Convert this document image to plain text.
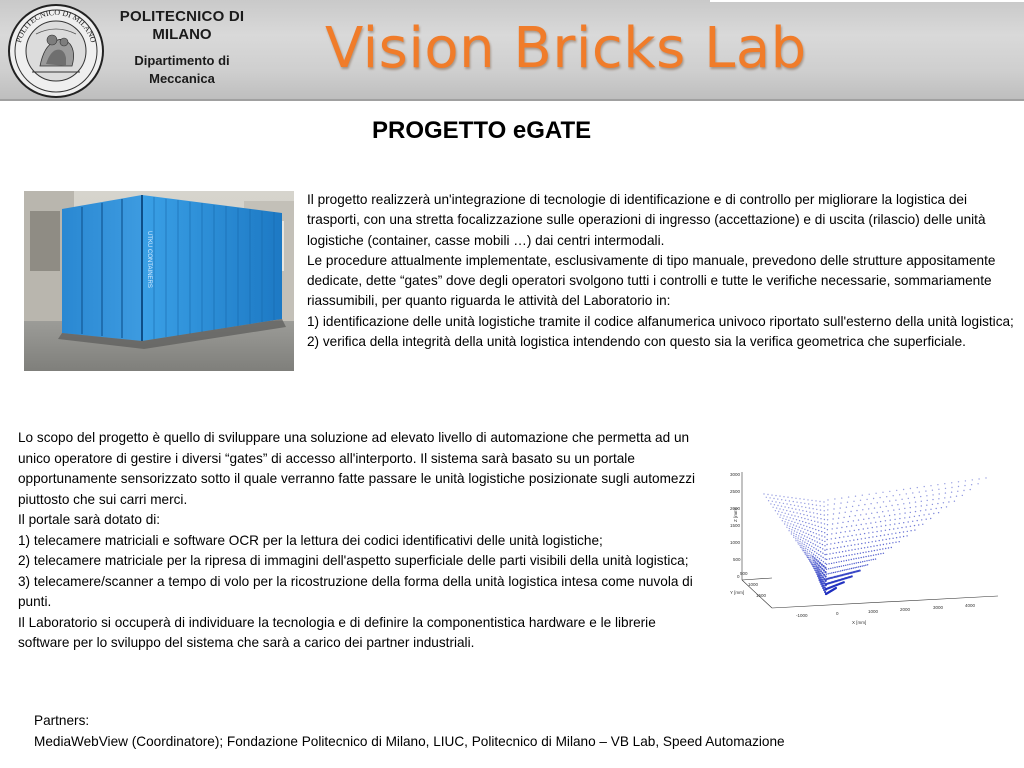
POLITECNICO DI MILANO
POLITECNICO DI
MILANO
Dipartimento di
Meccanica	Vision Bricks Lab
PROGETTO eGATE
UTKU CONTAINERS

Il progetto realizzerà un'integrazione di tecnologie di identificazione e di controllo per migliorare la logistica dei trasporti, con una stretta focalizzazione sulle operazioni di ingresso (accettazione) e di uscita (rilascio) delle unità logistiche (container, casse mobili …) dai centri intermodali.

Le procedure attualmente implementate, esclusivamente di tipo manuale, prevedono delle strutture appositamente dedicate, dette “gates” dove degli operatori svolgono tutti i controlli e tutte le verifiche necessarie, sommariamente riassumibili, per quanto riguarda le attività del Laboratorio in:

1) identificazione delle unità logistiche tramite il codice alfanumerica univoco riportato sull'esterno della unità logistica;

2) verifica della integrità della unità logistica intendendo con questo sia la verifica geometrica che superficiale.

Lo scopo del progetto è quello di sviluppare una soluzione ad elevato livello di automazione che permetta ad un unico operatore di gestire i diversi “gates” di accesso all'interporto. Il sistema sarà basato su un portale opportunamente sensorizzato sotto il quale verranno fatte passare le unità logistiche posizionate sugli automezzi piuttosto che sui carri merci.

Il portale sarà dotato di:

1) telecamere matriciali e software OCR per la lettura dei codici identificativi delle unità logistiche;

2) telecamere matriciale per la ripresa di immagini dell'aspetto superficiale delle parti visibili della unità logistica;

3) telecamere/scanner a tempo di volo per la ricostruzione della forma della unità logistica intesa come nuvola di punti.

Il Laboratorio si occuperà di individuare la tecnologia e di definire la componentistica hardware e le librerie software per lo sviluppo del sistema che sarà a carico dei partner industriali.

3000
2500
2000
1500
1000
500
0
Z [mm]
500
1000
1500
Y [mm]
-1000	0	1000	2000	3000	4000
X [mm]
Partners:
MediaWebView (Coordinatore); Fondazione Politecnico di Milano, LIUC, Politecnico di Milano – VB Lab, Speed Automazione
